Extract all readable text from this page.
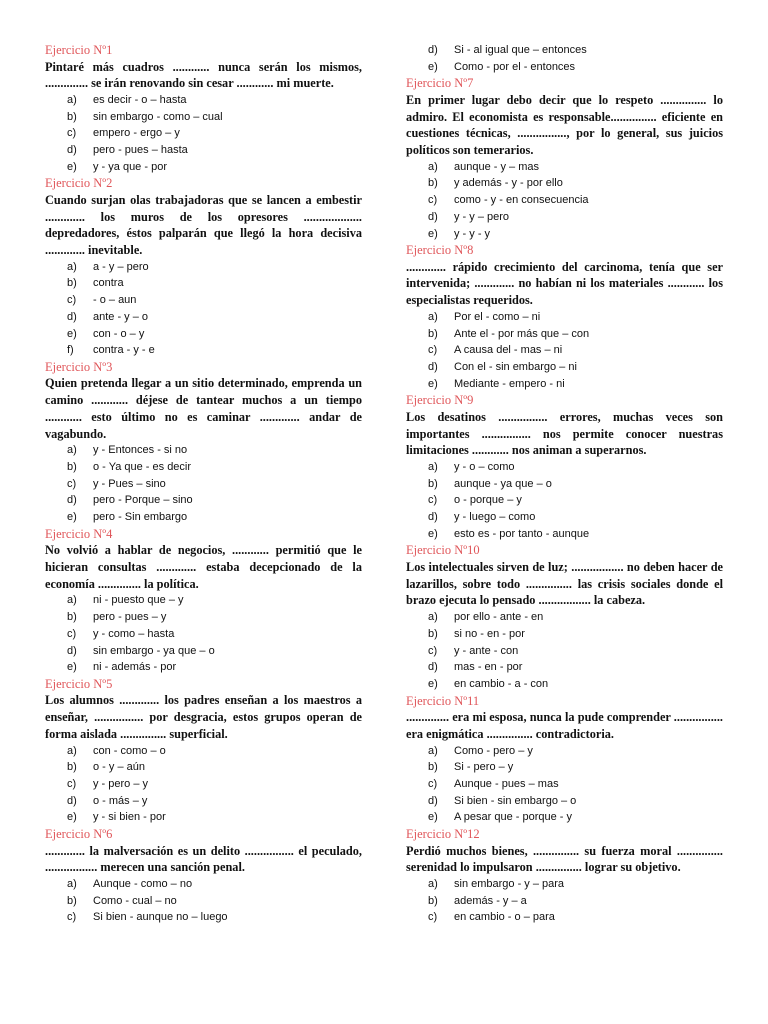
Ejercicio Nº1
Pintaré más cuadros ............ nunca serán los mismos, .............. se irán renovando sin cesar ............ mi muerte.
a)	es decir - o – hasta
b)	sin embargo - como – cual
c)	empero - ergo – y
d)	pero - pues – hasta
e)	y - ya que - por
Ejercicio Nº2
Cuando surjan olas trabajadoras que se lancen a embestir ............. los muros de los opresores ................... depredadores, éstos palparán que llegó la hora decisiva ............. inevitable.
a)	a - y – pero
b)	contra
c)	- o – aun
d)	ante - y – o
e)	con - o – y
f)	contra - y - e
Ejercicio Nº3
Quien pretenda llegar a un sitio determinado, emprenda un camino ............ déjese de tantear muchos a un tiempo ............ esto último no es caminar ............. andar de vagabundo.
a)	y - Entonces - si no
b)	o - Ya que - es decir
c)	y - Pues – sino
d)	pero - Porque – sino
e)	pero - Sin embargo
Ejercicio Nº4
No volvió a hablar de negocios, ............ permitió que le hicieran consultas ............. estaba decepcionado de la economía .............. la política.
a)	ni - puesto que – y
b)	pero - pues – y
c)	y - como – hasta
d)	sin embargo - ya que – o
e)	ni - además - por
Ejercicio Nº5
Los alumnos ............. los padres enseñan a los maestros a enseñar, ................ por desgracia, estos grupos operan de forma aislada ............... superficial.
a)	con - como – o
b)	o - y – aún
c)	y - pero – y
d)	o - más – y
e)	y - si bien - por
Ejercicio Nº6
............. la malversación es un delito ................ el peculado, ................. merecen una sanción penal.
a)	Aunque - como – no
b)	Como - cual – no
c)	Si bien - aunque no – luego
d)	Si - al igual que – entonces
e)	Como - por el - entonces
Ejercicio Nº7
En primer lugar debo decir que lo respeto ............... lo admiro. El economista es responsable............... eficiente en cuestiones técnicas, ................, por lo general, sus juicios políticos son temerarios.
a)	aunque - y – mas
b)	y además - y - por ello
c)	como - y - en consecuencia
d)	y - y – pero
e)	y - y - y
Ejercicio Nº8
............. rápido crecimiento del carcinoma, tenía que ser intervenida; ............. no habían ni los materiales ............ los especialistas requeridos.
a)	Por el - como – ni
b)	Ante el - por más que – con
c)	A causa del - mas – ni
d)	Con el - sin embargo – ni
e)	Mediante - empero - ni
Ejercicio Nº9
Los desatinos ................ errores, muchas veces son importantes ................ nos permite conocer nuestras limitaciones ............ nos animan a superarnos.
a)	y - o – como
b)	aunque - ya que – o
c)	o - porque – y
d)	y - luego – como
e)	esto es - por tanto - aunque
Ejercicio Nº10
Los intelectuales sirven de luz; ................. no deben hacer de lazarillos, sobre todo ............... las crisis sociales donde el brazo ejecuta lo pensado ................. la cabeza.
a)	por ello - ante - en
b)	si no - en - por
c)	y - ante - con
d)	mas - en - por
e)	en cambio - a - con
Ejercicio Nº11
.............. era mi esposa, nunca la pude comprender ................ era enigmática ............... contradictoria.
a)	Como - pero – y
b)	Si - pero – y
c)	Aunque - pues – mas
d)	Si bien - sin embargo – o
e)	A pesar que - porque - y
Ejercicio Nº12
Perdió muchos bienes, ............... su fuerza moral ............... serenidad lo impulsaron ............... lograr su objetivo.
a)	sin embargo - y – para
b)	además - y – a
c)	en cambio - o – para
